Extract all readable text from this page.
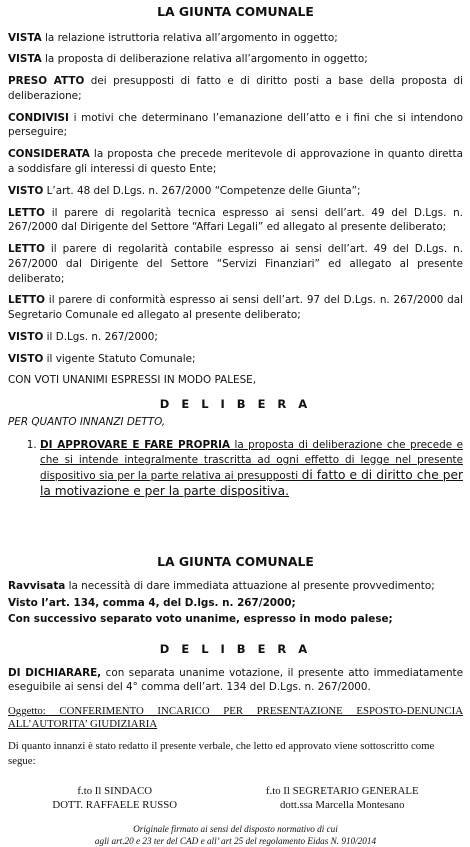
LA GIUNTA COMUNALE

VISTA la relazione istruttoria relativa all’argomento in oggetto;

VISTA la proposta di deliberazione relativa all’argomento in oggetto;

PRESO ATTO dei presupposti di fatto e di diritto posti a base della proposta di deliberazione;

CONDIVISI i motivi che determinano l’emanazione dell’atto e i fini che si intendono perseguire;

CONSIDERATA la proposta che precede meritevole di approvazione in quanto diretta a soddisfare gli interessi di questo Ente;

VISTO L’art. 48 del D.Lgs. n. 267/2000 “Competenze delle Giunta”;

LETTO il parere di regolarità tecnica espresso ai sensi dell’art. 49 del D.Lgs. n. 267/2000 dal Dirigente del Settore “Affari Legali” ed allegato al presente deliberato;

LETTO il parere di regolarità contabile espresso ai sensi dell’art. 49 del D.Lgs. n. 267/2000 dal Dirigente del Settore “Servizi Finanziari” ed allegato al presente deliberato;

LETTO il parere di conformità espresso ai sensi dell’art. 97 del D.Lgs. n. 267/2000 dal Segretario Comunale ed allegato al presente deliberato;

VISTO il D.Lgs. n. 267/2000;

VISTO il vigente Statuto Comunale;

CON VOTI UNANIMI ESPRESSI IN MODO PALESE,

D E L I B E R A

PER QUANTO INNANZI DETTO,

1. DI APPROVARE E FARE PROPRIA la proposta di deliberazione che precede e che si intende integralmente trascritta ad ogni effetto di legge nel presente dispositivo sia per la parte relativa ai presupposti di fatto e di diritto che per la motivazione e per la parte dispositiva.
LA GIUNTA COMUNALE

Ravvisata la necessità di dare immediata attuazione al presente provvedimento;

Visto l’art. 134, comma 4, del D.lgs. n. 267/2000;

Con successivo separato voto unanime, espresso in modo palese;

D E L I B E R A

DI DICHIARARE, con separata unanime votazione, il presente atto immediatamente eseguibile ai sensi del 4° comma dell’art. 134 del D.Lgs. n. 267/2000.

Oggetto: CONFERIMENTO INCARICO PER PRESENTAZIONE ESPOSTO-DENUNCIA ALL’AUTORITA’ GIUDIZIARIA
Di quanto innanzi è stato redatto il presente verbale, che letto ed approvato viene sottoscritto come segue:
f.to Il SINDACO
DOTT. RAFFAELE RUSSO
f.to Il SEGRETARIO GENERALE
dott.ssa Marcella Montesano
Originale firmato ai sensi del disposto normativo di cui
agli art.20 e 23 ter del CAD e all’ art 25 del regolamento Eidas N. 910/2014
